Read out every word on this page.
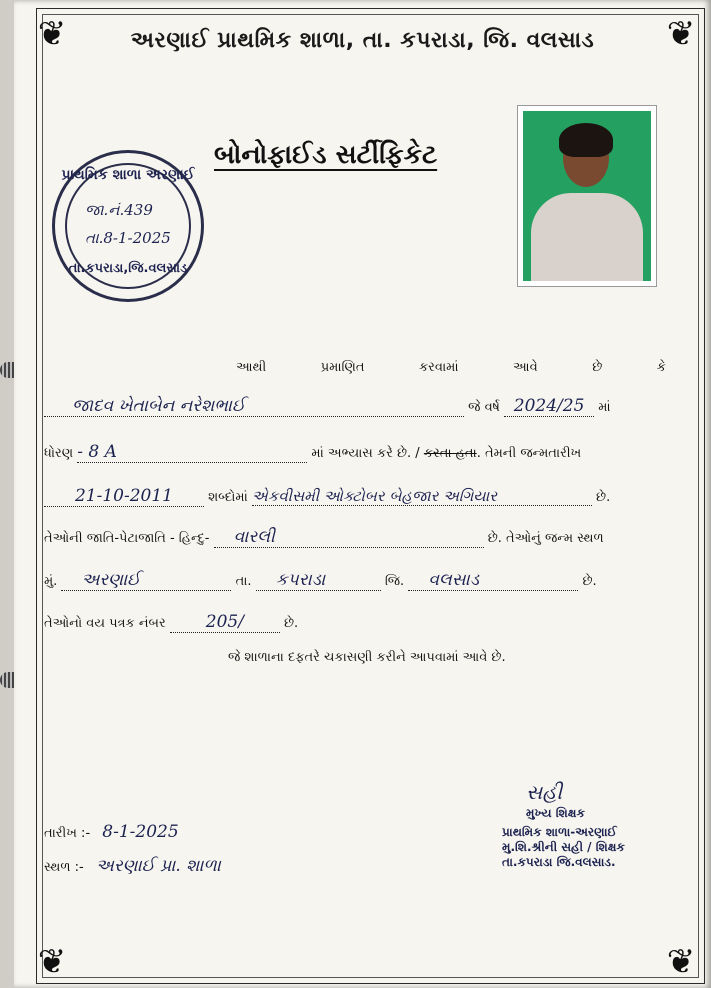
❦	❦
❦	❦
અરણાઈ પ્રાથમિક શાળા, તા. કપરાડા, જિ. વલસાડ
બોનોફાઈડ સર્ટીફિકેટ
પ્રાથમિક શાળા અરણાઈ
જા.નં.439
તા.8-1-2025
તા.કપરાડા,જિ.વલસાડ
આથી	પ્રમાણિત	કરવામાં	આવે	છે	કે
જાદવ ખેતાબેન નરેશભાઈ	જે વર્ષ 2024/25 માં
ધોરણ - 8 A	માં અભ્યાસ કરે છે. / કરતા હતા. તેમની જન્મતારીખ
21-10-2011	શબ્દોમાં એકવીસમી ઓક્ટોબર બેહજાર અગિયાર	છે.
તેઓની જાતિ-પેટાજાતિ - હિન્દુ- વારલી	છે. તેઓનું જન્મ સ્થળ
મું. અરણાઈ	તા. કપરાડા	જિ. વલસાડ	છે.
તેઓનો વય પત્રક નંબર 205/	છે.
જે શાળાના દફતરે ચકાસણી કરીને આપવામાં આવે છે.
તારીખ :- 8-1-2025
સ્થળ :- અરણાઈ પ્રા. શાળા
સહી
મુખ્ય શિક્ષક
પ્રાથમિક શાળા-અરણાઈ
મુ.શિ.શ્રીની સહી / શિક્ષક
તા.કપરાડા જિ.વલસાડ.
